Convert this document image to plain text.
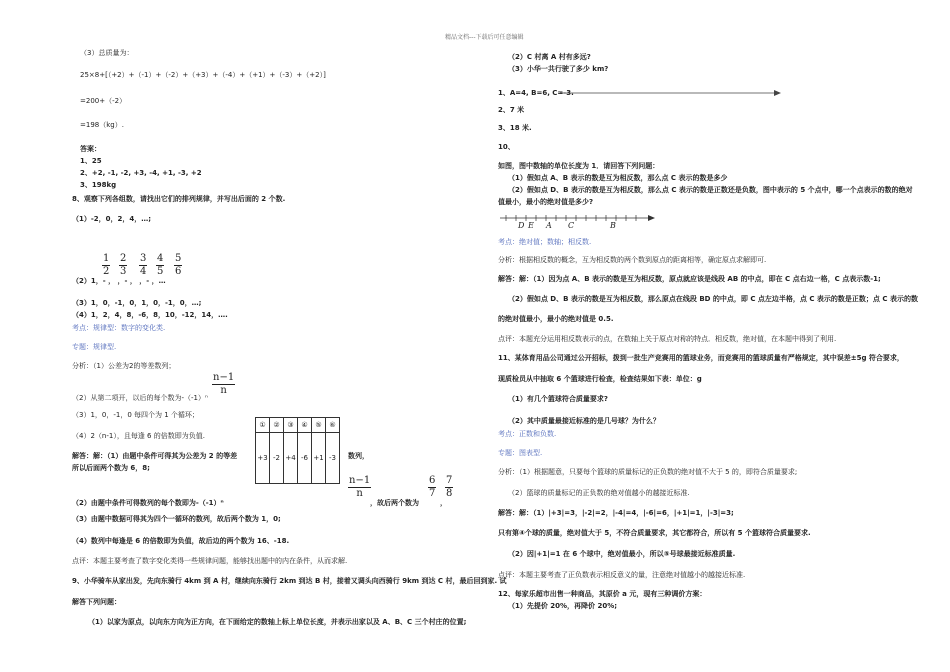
精品文档---下载后可任意编辑
（3）总质量为：
25×8+[（+2）+（-1）+（-2）+（+3）+（-4）+（+1）+（-3）+（+2）]
=200+（-2）
=198（kg）.
答案：
1、25
2、+2, -1, -2, +3, -4, +1, -3, +2
3、198kg
8、观察下列各组数，请找出它们的排列规律，并写出后面的 2 个数.
（1）-2，0，2，4，…;
1
2
2
3
3
4
4
5
5
6
（2）1，- ， ，- ， ，- ，…
（3）1，0，-1，0，1，0，-1，0，…;
（4）1，2，4，8，-6，8，10，-12，14，….
考点：规律型：数字的变化类.
专题：规律型.
分析：（1）公差为2的等差数列；
n−1
n
（2）从第二项开，以后的每个数为-（-1）ⁿ
（3）1，0，-1，0 每四个为 1 个循环；
（4）2（n-1），且每逢 6 的倍数即为负值.
解答：解：（1）由题中条件可得其为公差为 2 的等差
所以后面两个数为 6，8;
①	②	③	④	⑤	⑥
+3	-2	+4	-6	+1	-3 数列，
n−1
n
6
7
7
8
（2）由题中条件可得数列的每个数即为-（-1）ⁿ	，故后两个数为	，
（3）由题中数据可得其为四个一循环的数列，故后两个数为 1，0;
（4）数列中每逢是 6 的倍数即为负值，故后边的两个数为 16、-18.
点评：本题主要考查了数字变化类得一些规律问题，能够找出题中的内在条件，从而求解.
9、小华骑车从家出发，先向东骑行 4km 到 A 村，继续向东骑行 2km 到达 B 村，接着又调头向西骑行 9km 到达 C 村，最后回到家. 试
解答下列问题：
（1）以家为原点，以向东方向为正方向，在下面给定的数轴上标上单位长度，并表示出家以及 A、B、C 三个村庄的位置;
（2）C 村离 A 村有多远?
（3）小华一共行驶了多少 km?
1、A=4, B=6, C=-3.
2、7 米
3、18 米.
10、
如图，图中数轴的单位长度为 1．请回答下列问题：
（1）假如点 A、B 表示的数是互为相反数，那么点 C 表示的数是多少
（2）假如点 D、B 表示的数是互为相反数，那么点 C 表示的数是正数还是负数，图中表示的 5 个点中，哪一个点表示的数的绝对
值最小，最小的绝对值是多少?
D E A C	B
考点：绝对值；数轴；相反数.
分析：根据相反数的概念，互为相反数的两个数到原点的距离相等，确定原点求解即可.
解答：解：（1）因为点 A、B 表示的数是互为相反数，原点就应该是线段 AB 的中点，即在 C 点右边一格，C 点表示数-1;
（2）假如点 D、B 表示的数是互为相反数，那么原点在线段 BD 的中点，即 C 点左边半格，点 C 表示的数是正数；点 C 表示的数
的绝对值最小，最小的绝对值是 0.5.
点评：本题充分运用相反数表示的点，在数轴上关于原点对称的特点．相反数，绝对值，在本题中得到了利用.
11、某体育用品公司通过公开招标，拨到一批生产竞赛用的篮球业务，而竞赛用的篮球质量有严格规定，其中误差±5g 符合要求，
现质检员从中抽取 6 个篮球进行检查，检查结果如下表：单位：g
（1）有几个篮球符合质量要求?
（2）其中质量最接近标准的是几号球？为什么？
考点：正数和负数.
专题：图表型.
分析：（1）根据题意，只要每个篮球的质量标记的正负数的绝对值不大于 5 的，即符合质量要求;
（2）篮球的质量标记的正负数的绝对值越小的越接近标准.
解答：解：（1）|+3|=3，|-2|=2，|-4|=4，|-6|=6，|+1|=1，|-3|=3;
只有第④个球的质量，绝对值大于 5，不符合质量要求，其它都符合，所以有 5 个篮球符合质量要求.
（2）因|+1|=1 在 6 个球中，绝对值最小，所以⑤号球最接近标准质量.
点评：本题主要考查了正负数表示相反意义的量，注意绝对值越小的越接近标准.
12、每家乐超市出售一种商品，其原价 a 元，现有三种调价方案：
（1）先提价 20%，再降价 20%;
